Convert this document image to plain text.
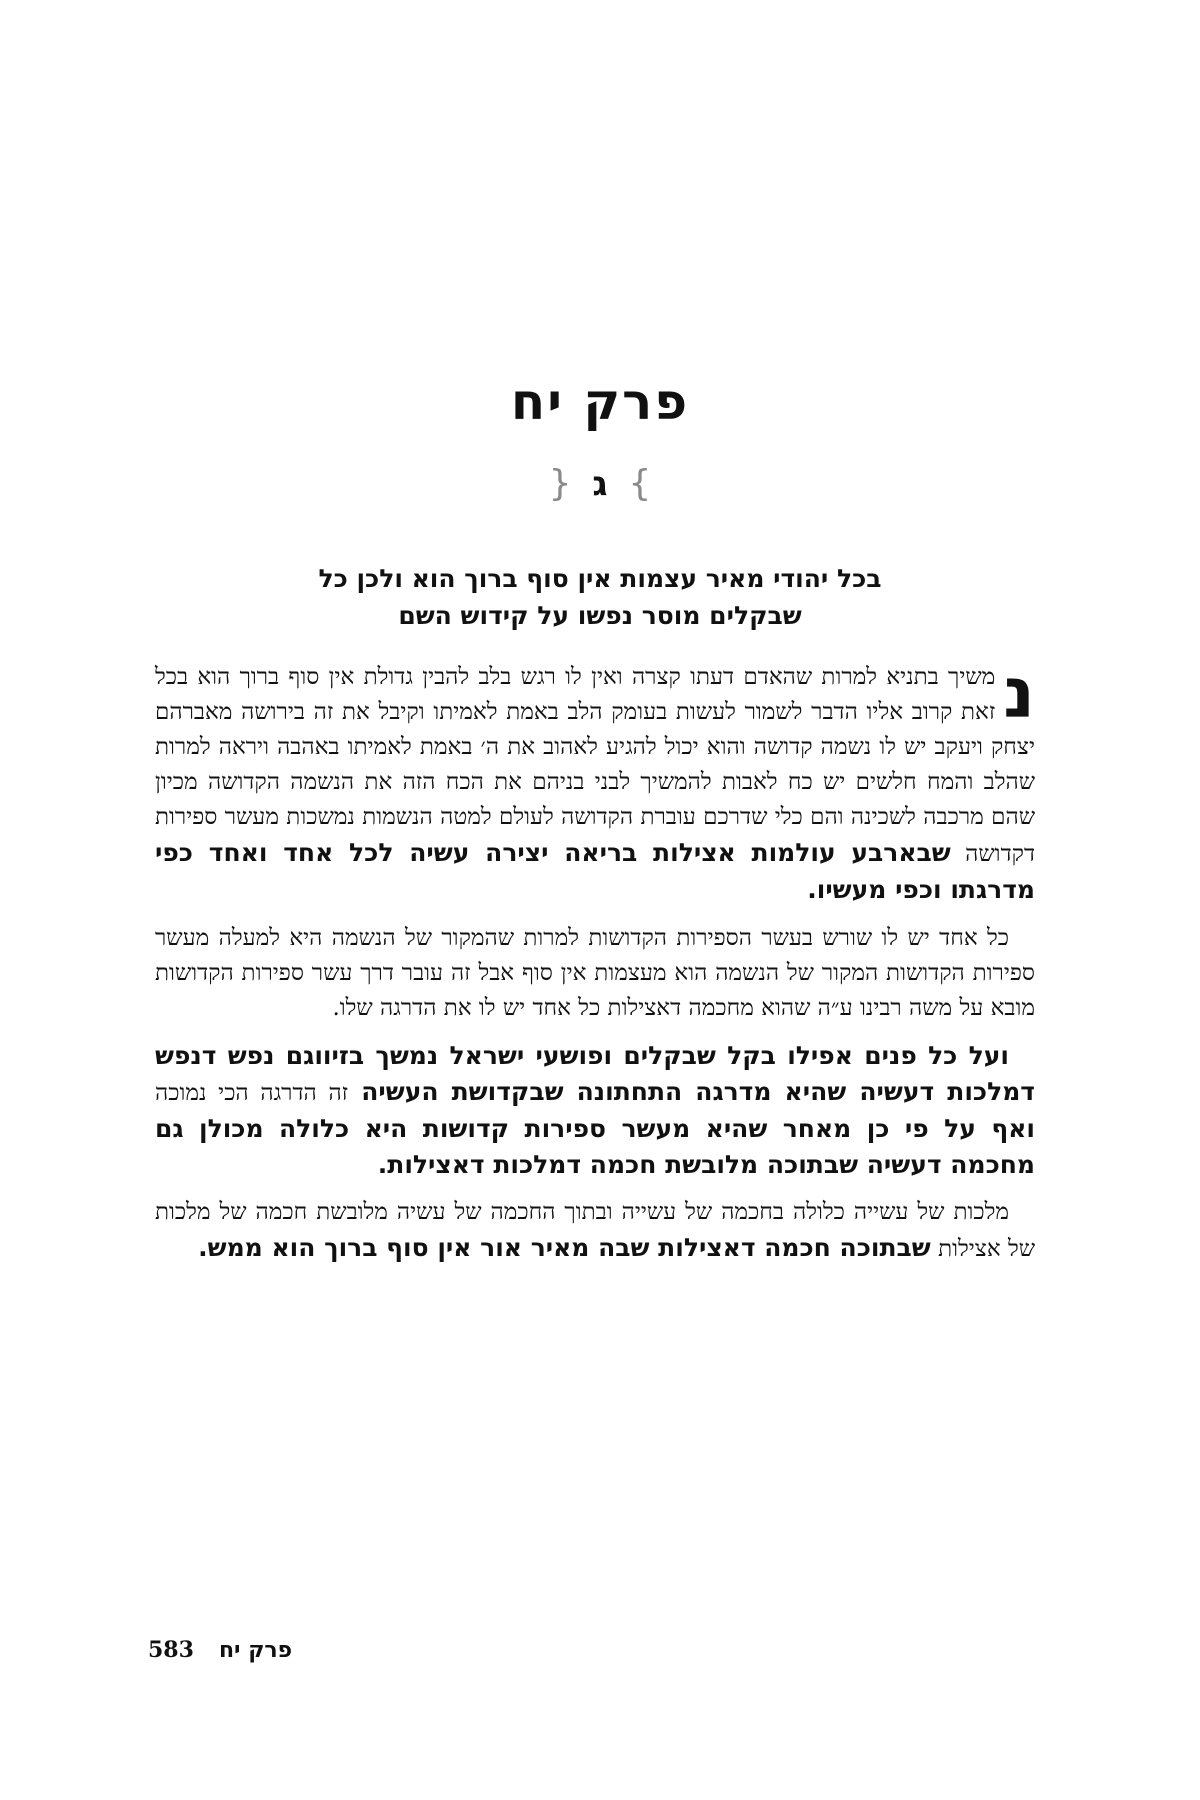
פרק יח
} ג {
בכל יהודי מאיר עצמות אין סוף ברוך הוא ולכן כל
שבקלים מוסר נפשו על קידוש השם

נ
משיך בתניא למרות שהאדם דעתו קצרה ואין לו רגש בלב להבין גדולת אין סוף ברוך הוא בכל זאת קרוב אליו הדבר לשמור לעשות בעומק הלב באמת לאמיתו וקיבל את זה בירושה מאברהם יצחק ויעקב יש לו נשמה קדושה והוא יכול להגיע לאהוב את ה׳ באמת לאמיתו באהבה ויראה למרות שהלב והמח חלשים יש כח לאבות להמשיך לבני בניהם את הכח הזה את הנשמה הקדושה מכיון שהם מרכבה לשכינה והם כלי שדרכם עוברת הקדושה לעולם למטה הנשמות נמשכות מעשר ספירות דקדושה שבארבע עולמות אצילות בריאה יצירה עשיה לכל אחד ואחד כפי מדרגתו וכפי מעשיו.

כל אחד יש לו שורש בעשר הספירות הקדושות למרות שהמקור של הנשמה היא למעלה מעשר ספירות הקדושות המקור של הנשמה הוא מעצמות אין סוף אבל זה עובר דרך עשר ספירות הקדושות מובא על משה רבינו ע״ה שהוא מחכמה דאצילות כל אחד יש לו את הדרגה שלו.

ועל כל פנים אפילו בקל שבקלים ופושעי ישראל נמשך בזיווגם נפש דנפש דמלכות דעשיה שהיא מדרגה התחתונה שבקדושת העשיה זה הדרגה הכי נמוכה ואף על פי כן מאחר שהיא מעשר ספירות קדושות היא כלולה מכולן גם מחכמה דעשיה שבתוכה מלובשת חכמה דמלכות דאצילות.

מלכות של עשייה כלולה בחכמה של עשייה ובתוך החכמה של עשיה מלובשת חכמה של מלכות של אצילות שבתוכה חכמה דאצילות שבה מאיר אור אין סוף ברוך הוא ממש.

583 פרק יח
